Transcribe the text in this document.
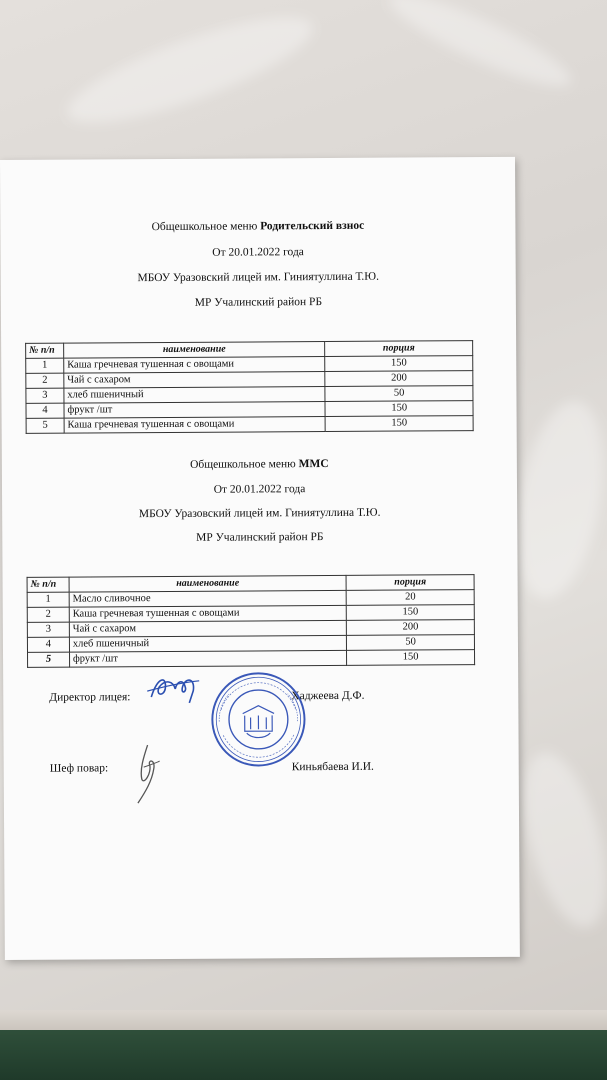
Общешкольное меню Родительский взнос
От 20.01.2022 года
МБОУ Уразовский лицей им. Гиниятуллина Т.Ю.
МР Учалинский район РБ
№ п/п	наименование	порция
1	Каша гречневая тушенная с овощами	150
2	Чай с сахаром	200
3	хлеб пшеничный	50
4	фрукт /шт	150
5	Каша гречневая тушенная с овощами	150
Общешкольное меню ММС
От 20.01.2022 года
МБОУ Уразовский лицей им. Гиниятуллина Т.Ю.
МР Учалинский район РБ
№ п/п	наименование	порция
1	Масло сливочное	20
2	Каша гречневая тушенная с овощами	150
3	Чай с сахаром	200
4	хлеб пшеничный	50
5	фрукт /шт	150
Директор лицея:	Хаджеева Д.Ф.
Шеф повар:	Киньябаева И.И.
